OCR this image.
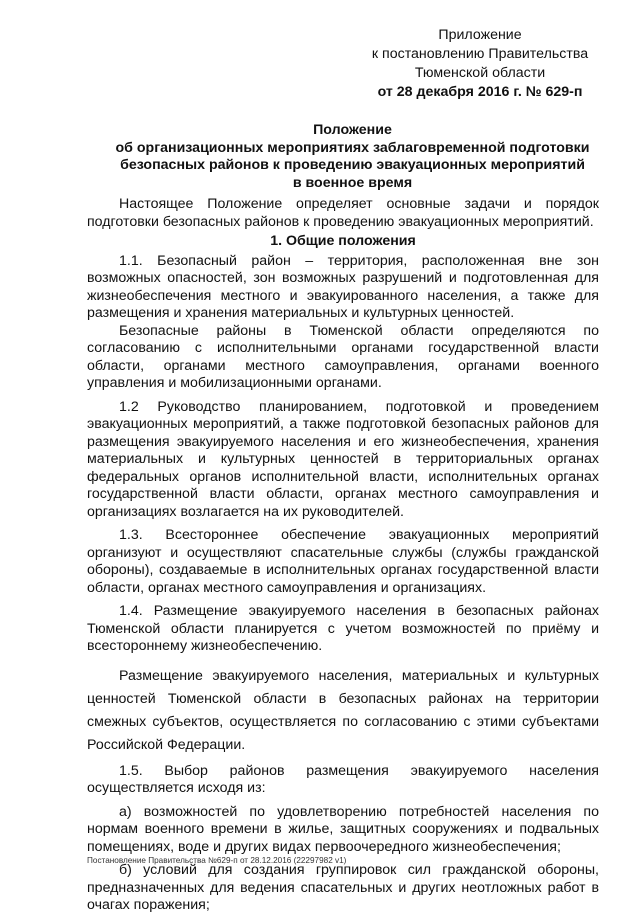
Приложение
к постановлению Правительства
Тюменской области
от 28 декабря 2016 г. № 629-п
Положение
об организационных мероприятиях заблаговременной подготовки
безопасных районов к проведению эвакуационных мероприятий
в военное время

Настоящее Положение определяет основные задачи и порядок подготовки безопасных районов к проведению эвакуационных мероприятий.

1. Общие положения

1.1. Безопасный район – территория, расположенная вне зон возможных опасностей, зон возможных разрушений и подготовленная для жизнеобеспечения местного и эвакуированного населения, а также для размещения и хранения материальных и культурных ценностей.

Безопасные районы в Тюменской области определяются по согласованию с исполнительными органами государственной власти области, органами местного самоуправления, органами военного управления и мобилизационными органами.

1.2 Руководство планированием, подготовкой и проведением эвакуационных мероприятий, а также подготовкой безопасных районов для размещения эвакуируемого населения и его жизнеобеспечения, хранения материальных и культурных ценностей в территориальных органах федеральных органов исполнительной власти, исполнительных органах государственной власти области, органах местного самоуправления и организациях возлагается на их руководителей.

1.3. Всестороннее обеспечение эвакуационных мероприятий организуют и осуществляют спасательные службы (службы гражданской обороны), создаваемые в исполнительных органах государственной власти области, органах местного самоуправления и организациях.

1.4. Размещение эвакуируемого населения в безопасных районах Тюменской области планируется с учетом возможностей по приёму и всестороннему жизнеобеспечению.

Размещение эвакуируемого населения, материальных и культурных ценностей Тюменской области в безопасных районах на территории смежных субъектов, осуществляется по согласованию с этими субъектами Российской Федерации.

1.5. Выбор районов размещения эвакуируемого населения осуществляется исходя из:

а) возможностей по удовлетворению потребностей населения по нормам военного времени в жилье, защитных сооружениях и подвальных помещениях, воде и других видах первоочередного жизнеобеспечения;

б) условий для создания группировок сил гражданской обороны, предназначенных для ведения спасательных и других неотложных работ в очагах поражения;

Постановление Правительства №629-п от 28.12.2016 (22297982 v1)
